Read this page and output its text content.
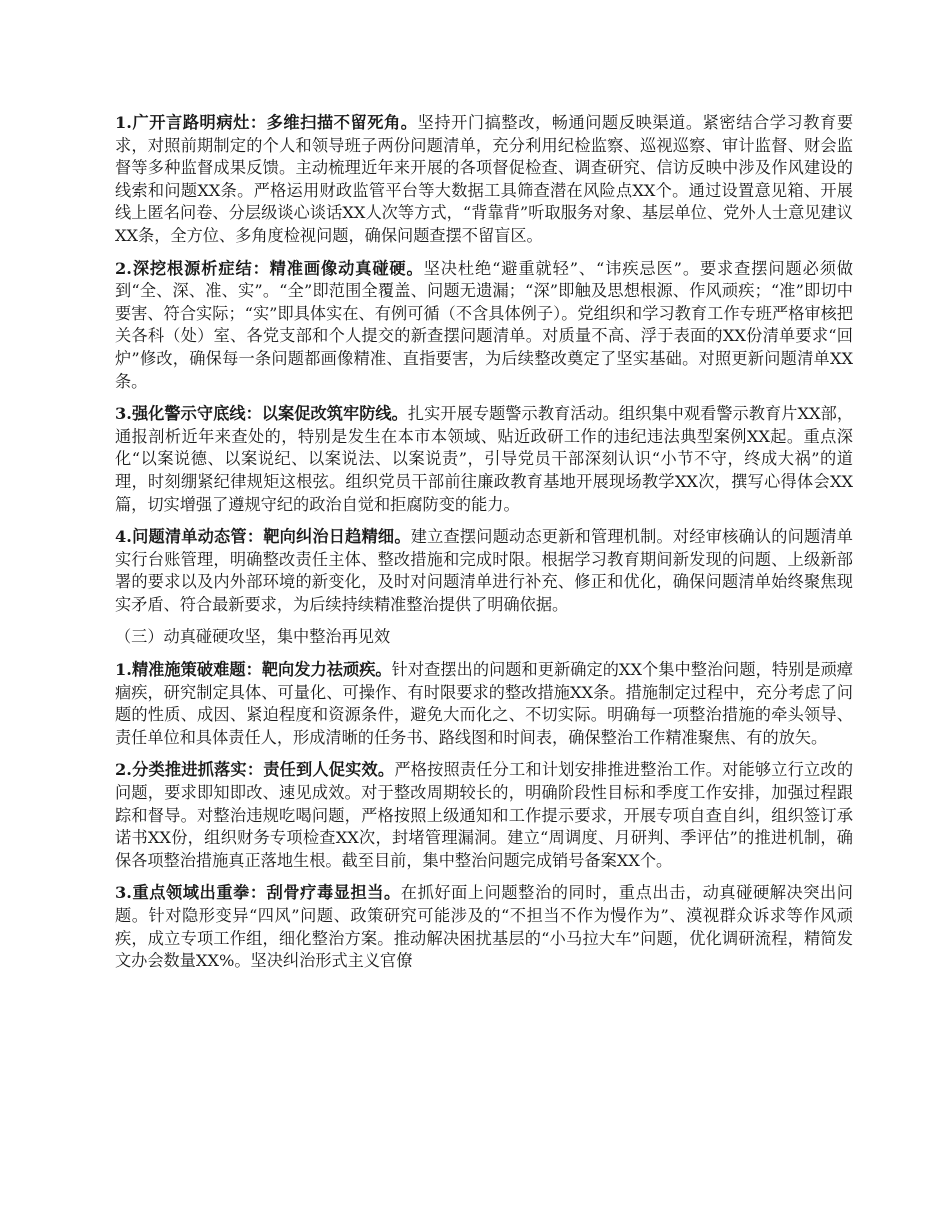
1.广开言路明病灶：多维扫描不留死角。坚持开门搞整改，畅通问题反映渠道。紧密结合学习教育要求，对照前期制定的个人和领导班子两份问题清单，充分利用纪检监察、巡视巡察、审计监督、财会监督等多种监督成果反馈。主动梳理近年来开展的各项督促检查、调查研究、信访反映中涉及作风建设的线索和问题XX条。严格运用财政监管平台等大数据工具筛查潜在风险点XX个。通过设置意见箱、开展线上匿名问卷、分层级谈心谈话XX人次等方式，“背靠背”听取服务对象、基层单位、党外人士意见建议XX条，全方位、多角度检视问题，确保问题查摆不留盲区。

2.深挖根源析症结：精准画像动真碰硬。坚决杜绝“避重就轻”、“讳疾忌医”。要求查摆问题必须做到“全、深、准、实”。“全”即范围全覆盖、问题无遗漏；“深”即触及思想根源、作风顽疾；“准”即切中要害、符合实际；“实”即具体实在、有例可循（不含具体例子）。党组织和学习教育工作专班严格审核把关各科（处）室、各党支部和个人提交的新查摆问题清单。对质量不高、浮于表面的XX份清单要求“回炉”修改，确保每一条问题都画像精准、直指要害，为后续整改奠定了坚实基础。对照更新问题清单XX条。

3.强化警示守底线：以案促改筑牢防线。扎实开展专题警示教育活动。组织集中观看警示教育片XX部，通报剖析近年来查处的，特别是发生在本市本领域、贴近政研工作的违纪违法典型案例XX起。重点深化“以案说德、以案说纪、以案说法、以案说责”，引导党员干部深刻认识“小节不守，终成大祸”的道理，时刻绷紧纪律规矩这根弦。组织党员干部前往廉政教育基地开展现场教学XX次，撰写心得体会XX篇，切实增强了遵规守纪的政治自觉和拒腐防变的能力。

4.问题清单动态管：靶向纠治日趋精细。建立查摆问题动态更新和管理机制。对经审核确认的问题清单实行台账管理，明确整改责任主体、整改措施和完成时限。根据学习教育期间新发现的问题、上级新部署的要求以及内外部环境的新变化，及时对问题清单进行补充、修正和优化，确保问题清单始终聚焦现实矛盾、符合最新要求，为后续持续精准整治提供了明确依据。

（三）动真碰硬攻坚，集中整治再见效

1.精准施策破难题：靶向发力祛顽疾。针对查摆出的问题和更新确定的XX个集中整治问题，特别是顽瘴痼疾，研究制定具体、可量化、可操作、有时限要求的整改措施XX条。措施制定过程中，充分考虑了问题的性质、成因、紧迫程度和资源条件，避免大而化之、不切实际。明确每一项整治措施的牵头领导、责任单位和具体责任人，形成清晰的任务书、路线图和时间表，确保整治工作精准聚焦、有的放矢。

2.分类推进抓落实：责任到人促实效。严格按照责任分工和计划安排推进整治工作。对能够立行立改的问题，要求即知即改、速见成效。对于整改周期较长的，明确阶段性目标和季度工作安排，加强过程跟踪和督导。对整治违规吃喝问题，严格按照上级通知和工作提示要求，开展专项自查自纠，组织签订承诺书XX份，组织财务专项检查XX次，封堵管理漏洞。建立“周调度、月研判、季评估”的推进机制，确保各项整治措施真正落地生根。截至目前，集中整治问题完成销号备案XX个。

3.重点领域出重拳：刮骨疗毒显担当。在抓好面上问题整治的同时，重点出击，动真碰硬解决突出问题。针对隐形变异“四风”问题、政策研究可能涉及的“不担当不作为慢作为”、漠视群众诉求等作风顽疾，成立专项工作组，细化整治方案。推动解决困扰基层的“小马拉大车”问题，优化调研流程，精简发文办会数量XX%。坚决纠治形式主义官僚
